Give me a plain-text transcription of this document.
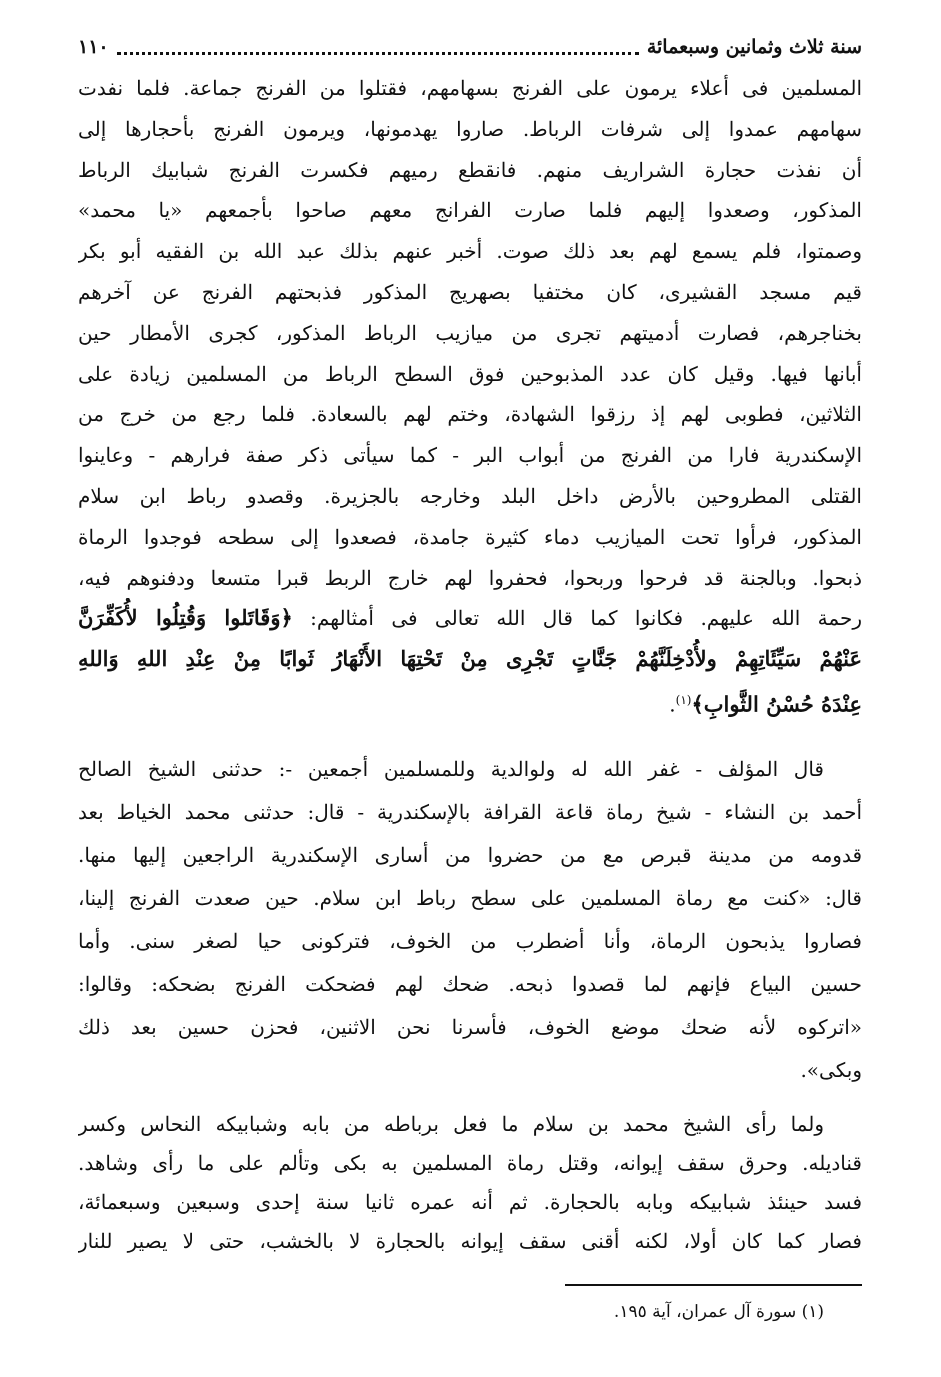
سنة ثلاث وثمانين وسبعمائة
١١٠
المسلمين فى أعلاء يرمون على الفرنج بسهامهم، فقتلوا من الفرنج جماعة. فلما نفدت
سهامهم عمدوا إلى شرفات الرباط. صاروا يهدمونها، ويرمون الفرنج بأحجارها إلى
أن نفذت حجارة الشراريف منهم. فانقطع رميهم فكسرت الفرنج شبابيك الرباط
المذكور، وصعدوا إليهم فلما صارت الفرانج معهم صاحوا بأجمعهم «يا محمد»
وصمتوا، فلم يسمع لهم بعد ذلك صوت. أخبر عنهم بذلك عبد الله بن الفقيه أبو بكر
قيم مسجد القشيرى، كان مختفيا بصهريج المذكور فذبحتهم الفرنج عن آخرهم
بخناجرهم، فصارت أدميتهم تجرى من ميازيب الرباط المذكور، كجرى الأمطار حين
أبانها فيها. وقيل كان عدد المذبوحين فوق السطح الرباط من المسلمين زيادة على
الثلاثين، فطوبى لهم إذ رزقوا الشهادة، وختم لهم بالسعادة. فلما رجع من خرج من
الإسكندرية فارا من الفرنج من أبواب البر - كما سيأتى ذكر صفة فرارهم - وعاينوا
القتلى المطروحين بالأرض داخل البلد وخارجه بالجزيرة. وقصدو رباط ابن سلام
المذكور، فرأوا تحت الميازيب دماء كثيرة جامدة، فصعدوا إلى سطحه فوجدوا الرماة
ذبحوا. وبالجنة قد فرحوا وربحوا، فحفروا لهم خارج الربط قبرا متسعا ودفنوهم فيه،
رحمة الله عليهم. فكانوا كما قال الله تعالى فى أمثالهم: ﴿وَقَاتَلوا وَقُتِلُوا لأُكَفِّرَنَّ
عَنْهُمْ سَيِّئَاتِهِمْ ولأُدْخِلَنَّهُمْ جَنَّاتٍ تَجْرِى مِنْ تَحْتِهَا الأَنْهَارُ ثَوابًا مِنْ عِنْدِ اللهِ وَاللهِ
عِنْدَهُ حُسْنُ الثَّوابِ﴾$^{(١)}$.
قال المؤلف - غفر الله له ولوالدية وللمسلمين أجمعين -: حدثنى الشيخ الصالح
أحمد بن النشاء - شيخ رماة قاعة القرافة بالإسكندرية - قال: حدثنى محمد الخياط بعد
قدومه من مدينة قبرص مع من حضروا من أسارى الإسكندرية الراجعين إليها منها.
قال: «كنت مع رماة المسلمين على سطح رباط ابن سلام. حين صعدت الفرنج إلينا،
فصاروا يذبحون الرماة، وأنا أضطرب من الخوف، فتركونى حيا لصغر سنى. وأما
حسين البياع فإنهم لما قصدوا ذبحه. ضحك لهم فضحكت الفرنج بضحكه: وقالوا:
«اتركوه لأنه ضحك موضع الخوف، فأسرنا نحن الاثنين، فحزن حسين بعد ذلك
وبكى».
ولما رأى الشيخ محمد بن سلام ما فعل برباطه من بابه وشبابيكه النحاس وكسر
قناديله. وحرق سقف إيوانه، وقتل رماة المسلمين به بكى وتألم على ما رأى وشاهد.
فسد حينئذ شبابيكه وبابه بالحجارة. ثم أنه عمره ثانيا سنة إحدى وسبعين وسبعمائة،
فصار كما كان أولا، لكنه أقنى سقف إيوانه بالحجارة لا بالخشب، حتى لا يصير للنار
(١) سورة آل عمران، آية ١٩٥.
